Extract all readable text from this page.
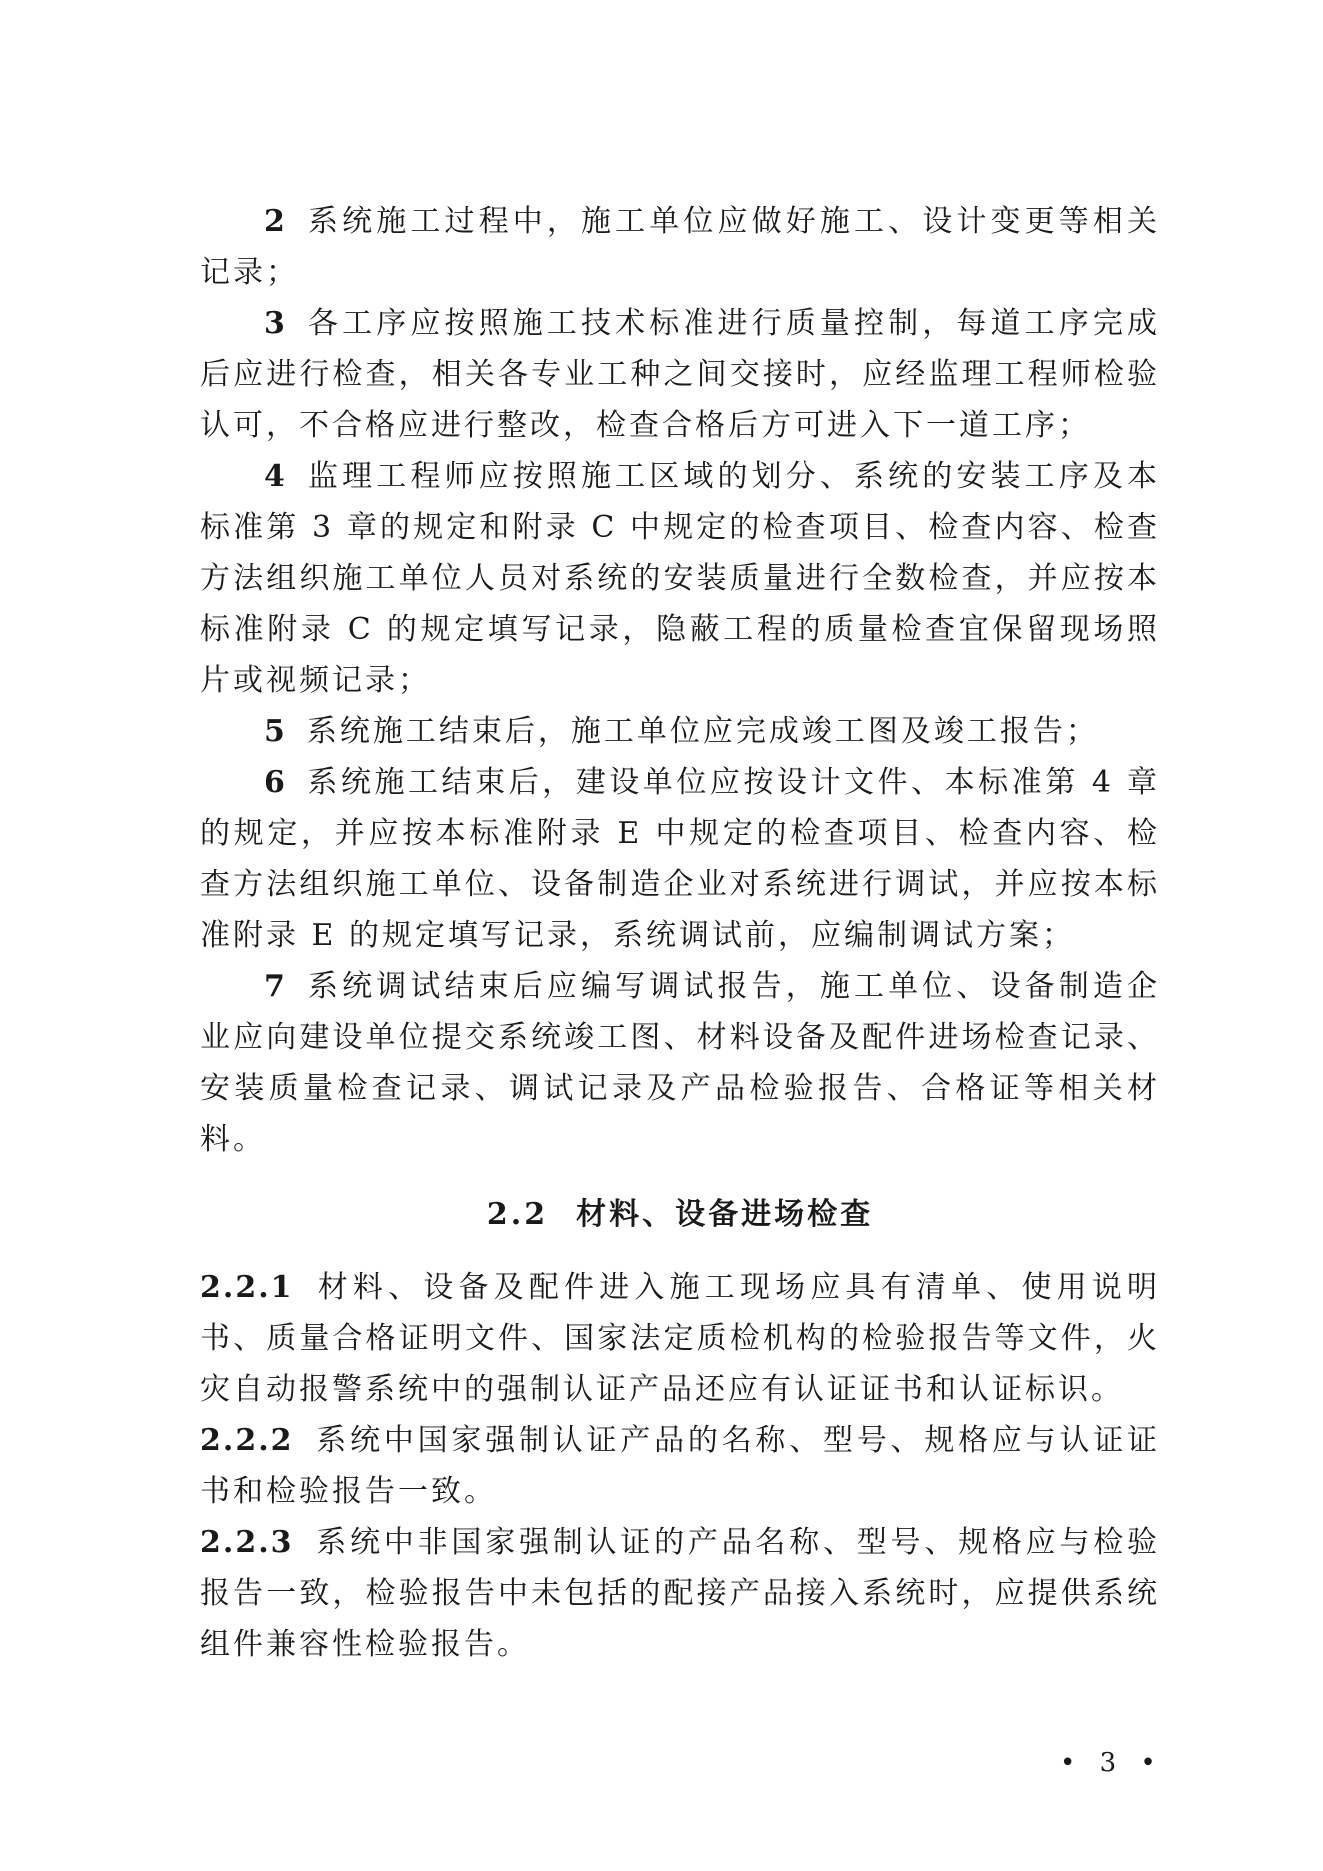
2 系统施工过程中，施工单位应做好施工、设计变更等相关记录；

3 各工序应按照施工技术标准进行质量控制，每道工序完成后应进行检查，相关各专业工种之间交接时，应经监理工程师检验认可，不合格应进行整改，检查合格后方可进入下一道工序；

4 监理工程师应按照施工区域的划分、系统的安装工序及本标准第 3 章的规定和附录 C 中规定的检查项目、检查内容、检查方法组织施工单位人员对系统的安装质量进行全数检查，并应按本标准附录 C 的规定填写记录，隐蔽工程的质量检查宜保留现场照片或视频记录；

5 系统施工结束后，施工单位应完成竣工图及竣工报告；

6 系统施工结束后，建设单位应按设计文件、本标准第 4 章的规定，并应按本标准附录 E 中规定的检查项目、检查内容、检查方法组织施工单位、设备制造企业对系统进行调试，并应按本标准附录 E 的规定填写记录，系统调试前，应编制调试方案；

7 系统调试结束后应编写调试报告，施工单位、设备制造企业应向建设单位提交系统竣工图、材料设备及配件进场检查记录、安装质量检查记录、调试记录及产品检验报告、合格证等相关材料。

2.2 材料、设备进场检查

2.2.1 材料、设备及配件进入施工现场应具有清单、使用说明书、质量合格证明文件、国家法定质检机构的检验报告等文件，火灾自动报警系统中的强制认证产品还应有认证证书和认证标识。

2.2.2 系统中国家强制认证产品的名称、型号、规格应与认证证书和检验报告一致。

2.2.3 系统中非国家强制认证的产品名称、型号、规格应与检验报告一致，检验报告中未包括的配接产品接入系统时，应提供系统组件兼容性检验报告。

• 3 •
